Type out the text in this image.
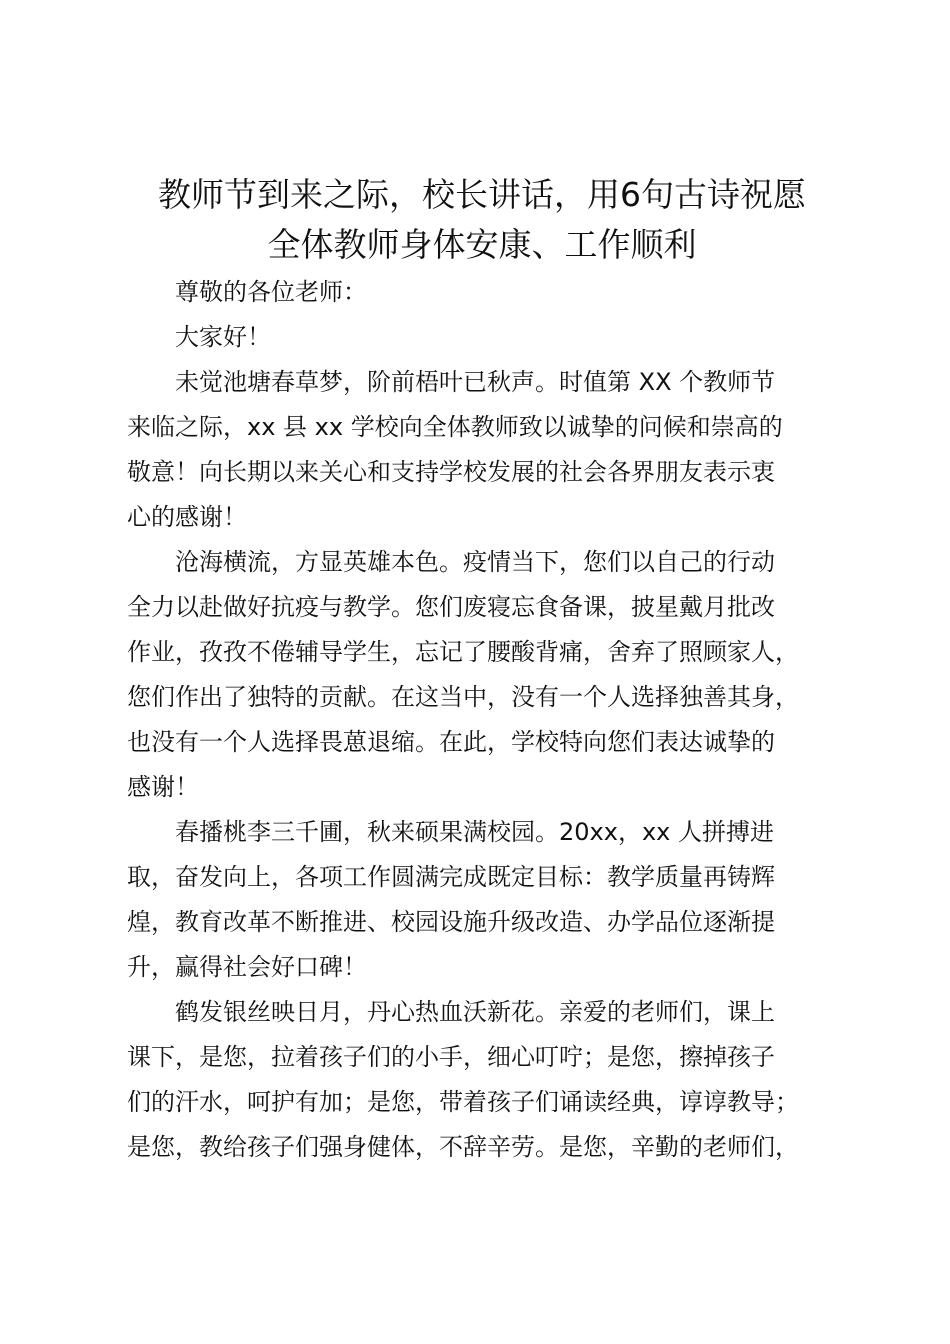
教师节到来之际，校长讲话，用6句古诗祝愿
全体教师身体安康、工作顺利

尊敬的各位老师：

大家好！

未觉池塘春草梦，阶前梧叶已秋声。时值第 XX 个教师节
来临之际，xx 县 xx 学校向全体教师致以诚挚的问候和崇高的
敬意！向长期以来关心和支持学校发展的社会各界朋友表示衷
心的感谢！

沧海横流，方显英雄本色。疫情当下，您们以自己的行动
全力以赴做好抗疫与教学。您们废寝忘食备课，披星戴月批改
作业，孜孜不倦辅导学生，忘记了腰酸背痛，舍弃了照顾家人，
您们作出了独特的贡献。在这当中，没有一个人选择独善其身，
也没有一个人选择畏葸退缩。在此，学校特向您们表达诚挚的
感谢！

春播桃李三千圃，秋来硕果满校园。20xx，xx 人拼搏进
取，奋发向上，各项工作圆满完成既定目标：教学质量再铸辉
煌，教育改革不断推进、校园设施升级改造、办学品位逐渐提
升，赢得社会好口碑！

鹤发银丝映日月，丹心热血沃新花。亲爱的老师们，课上
课下，是您，拉着孩子们的小手，细心叮咛；是您，擦掉孩子
们的汗水，呵护有加；是您，带着孩子们诵读经典，谆谆教导；
是您，教给孩子们强身健体，不辞辛劳。是您，辛勤的老师们，
